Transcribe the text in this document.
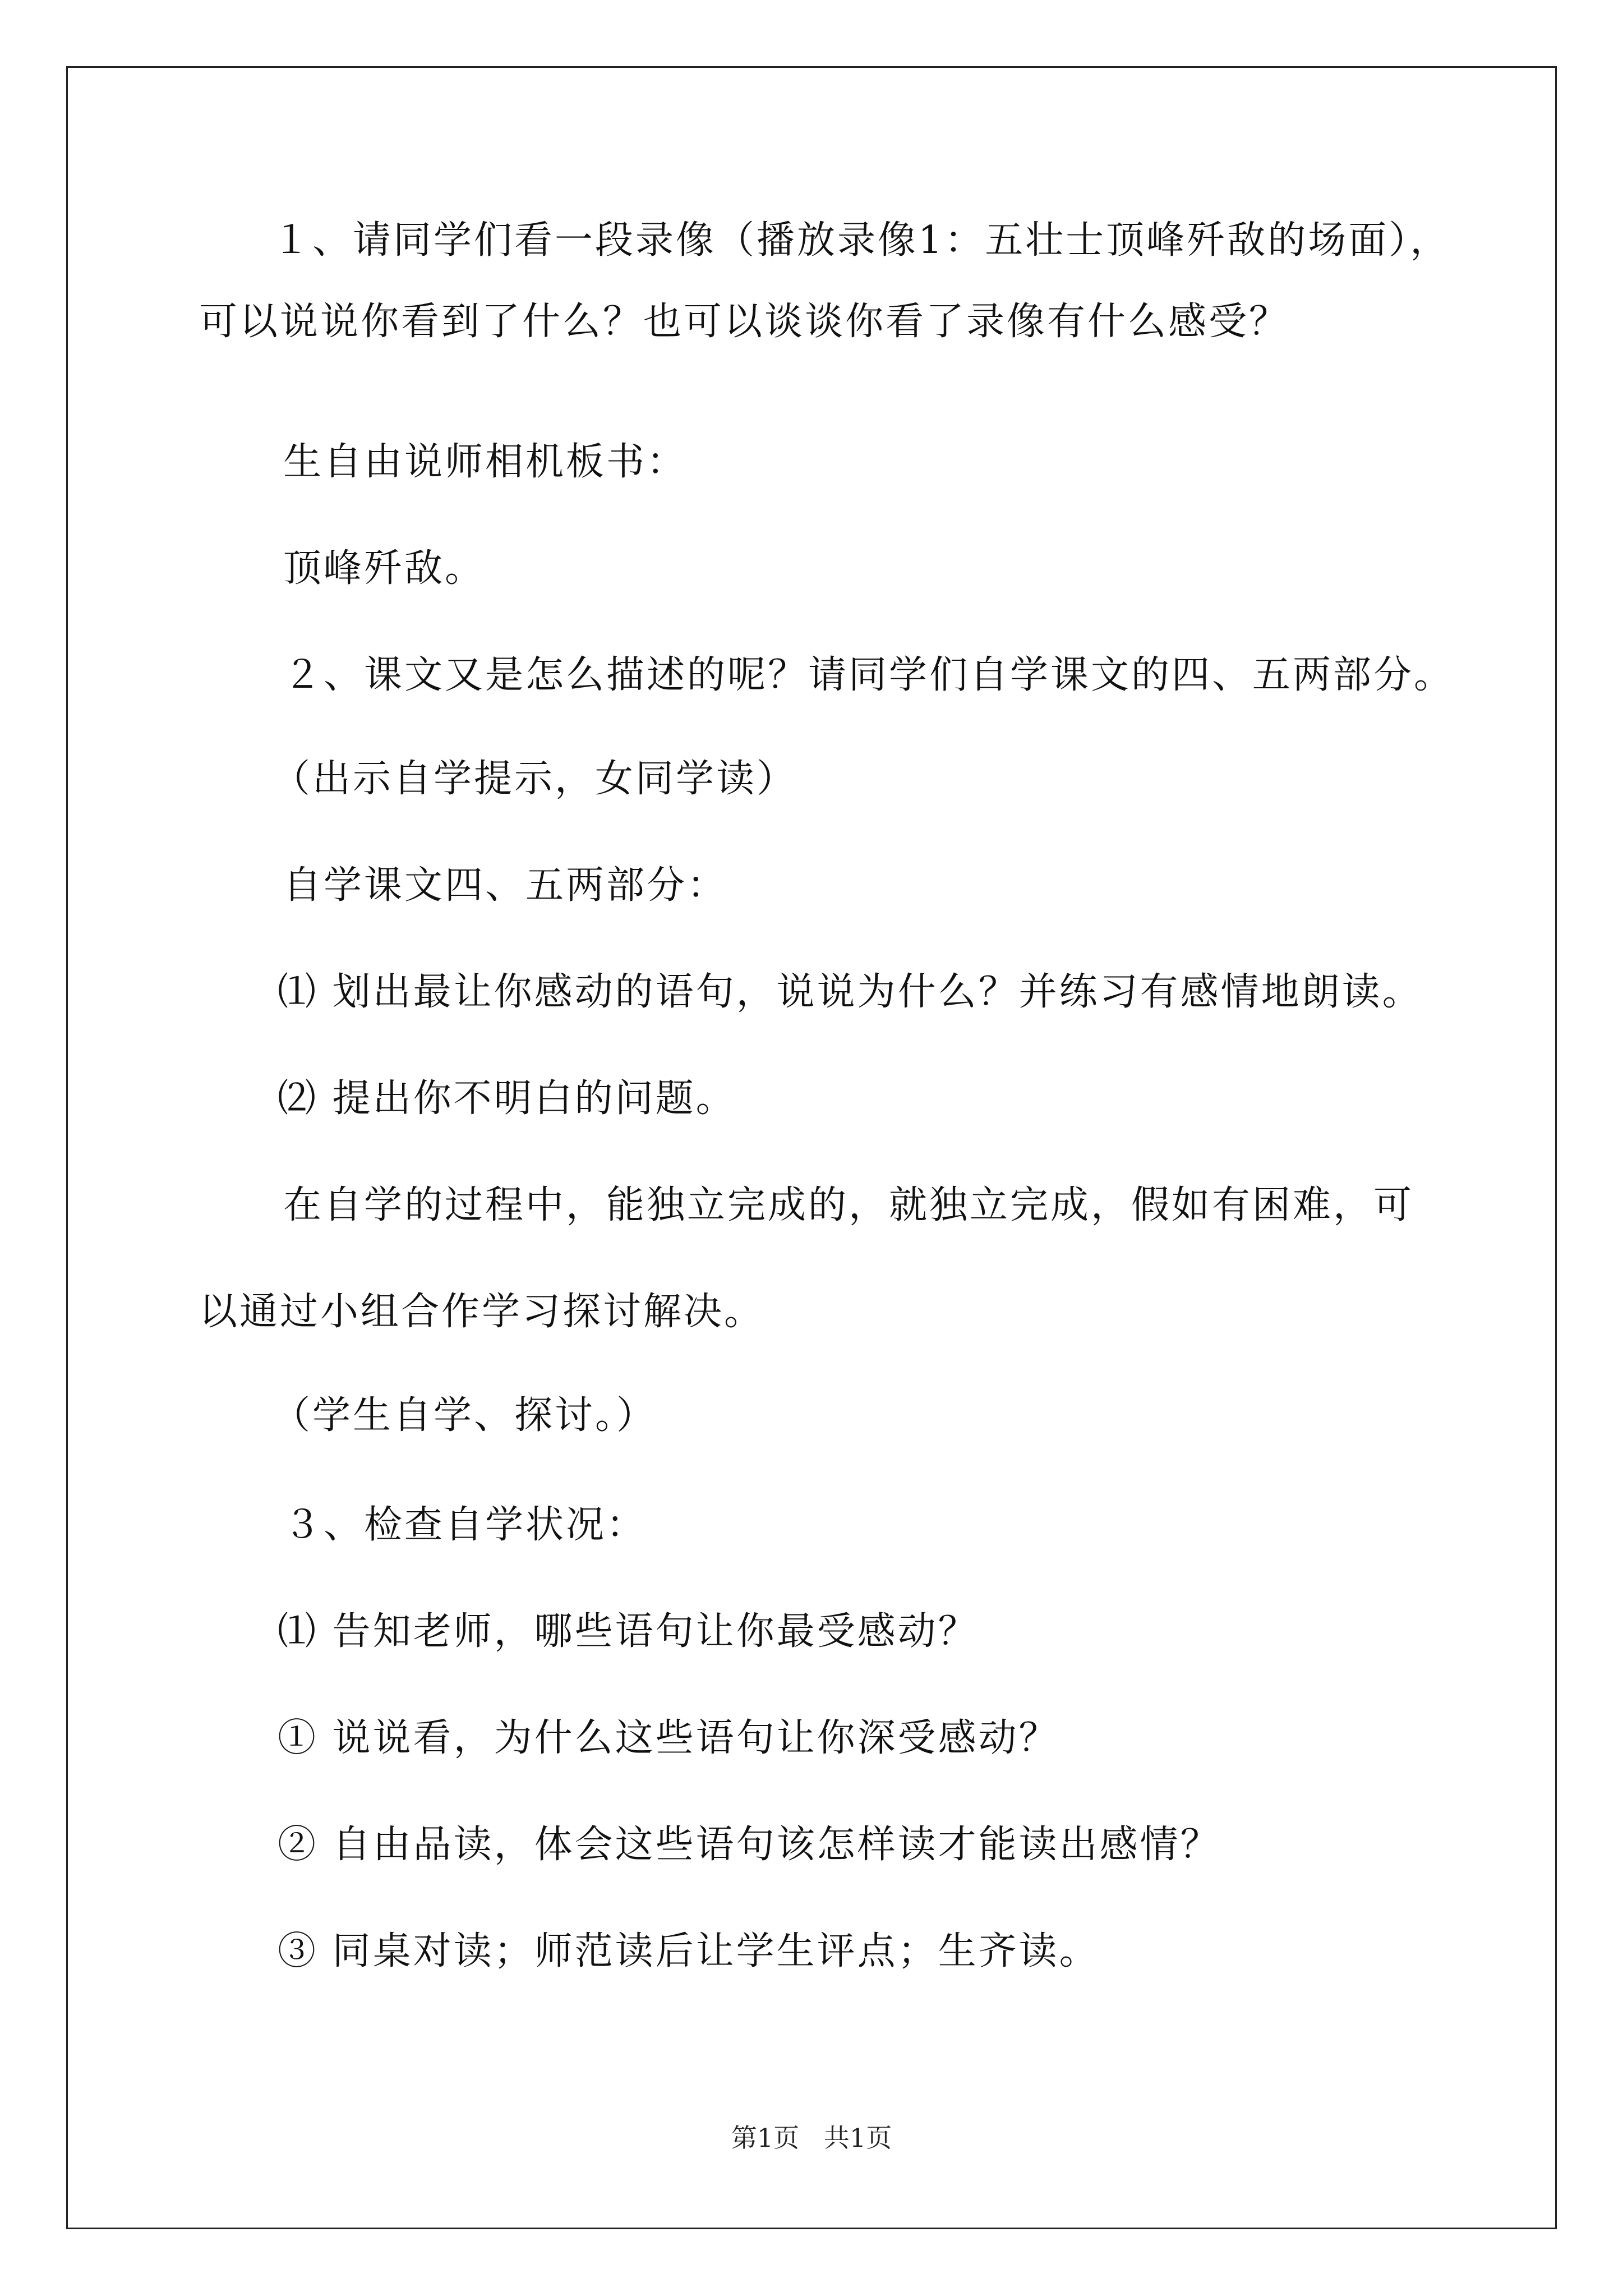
１、请同学们看一段录像（播放录像1：五壮士顶峰歼敌的场面），
可以说说你看到了什么？也可以谈谈你看了录像有什么感受？
生自由说师相机板书：
顶峰歼敌。
２、课文又是怎么描述的呢？请同学们自学课文的四、五两部分。
（出示自学提示，女同学读）
自学课文四、五两部分：
⑴ 划出最让你感动的语句，说说为什么？并练习有感情地朗读。
⑵ 提出你不明白的问题。
在自学的过程中，能独立完成的，就独立完成，假如有困难，可
以通过小组合作学习探讨解决。
（学生自学、探讨。）
３、检查自学状况：
⑴ 告知老师，哪些语句让你最受感动？
① 说说看，为什么这些语句让你深受感动？
② 自由品读，体会这些语句该怎样读才能读出感情？
③ 同桌对读；师范读后让学生评点；生齐读。
第1页   共1页
